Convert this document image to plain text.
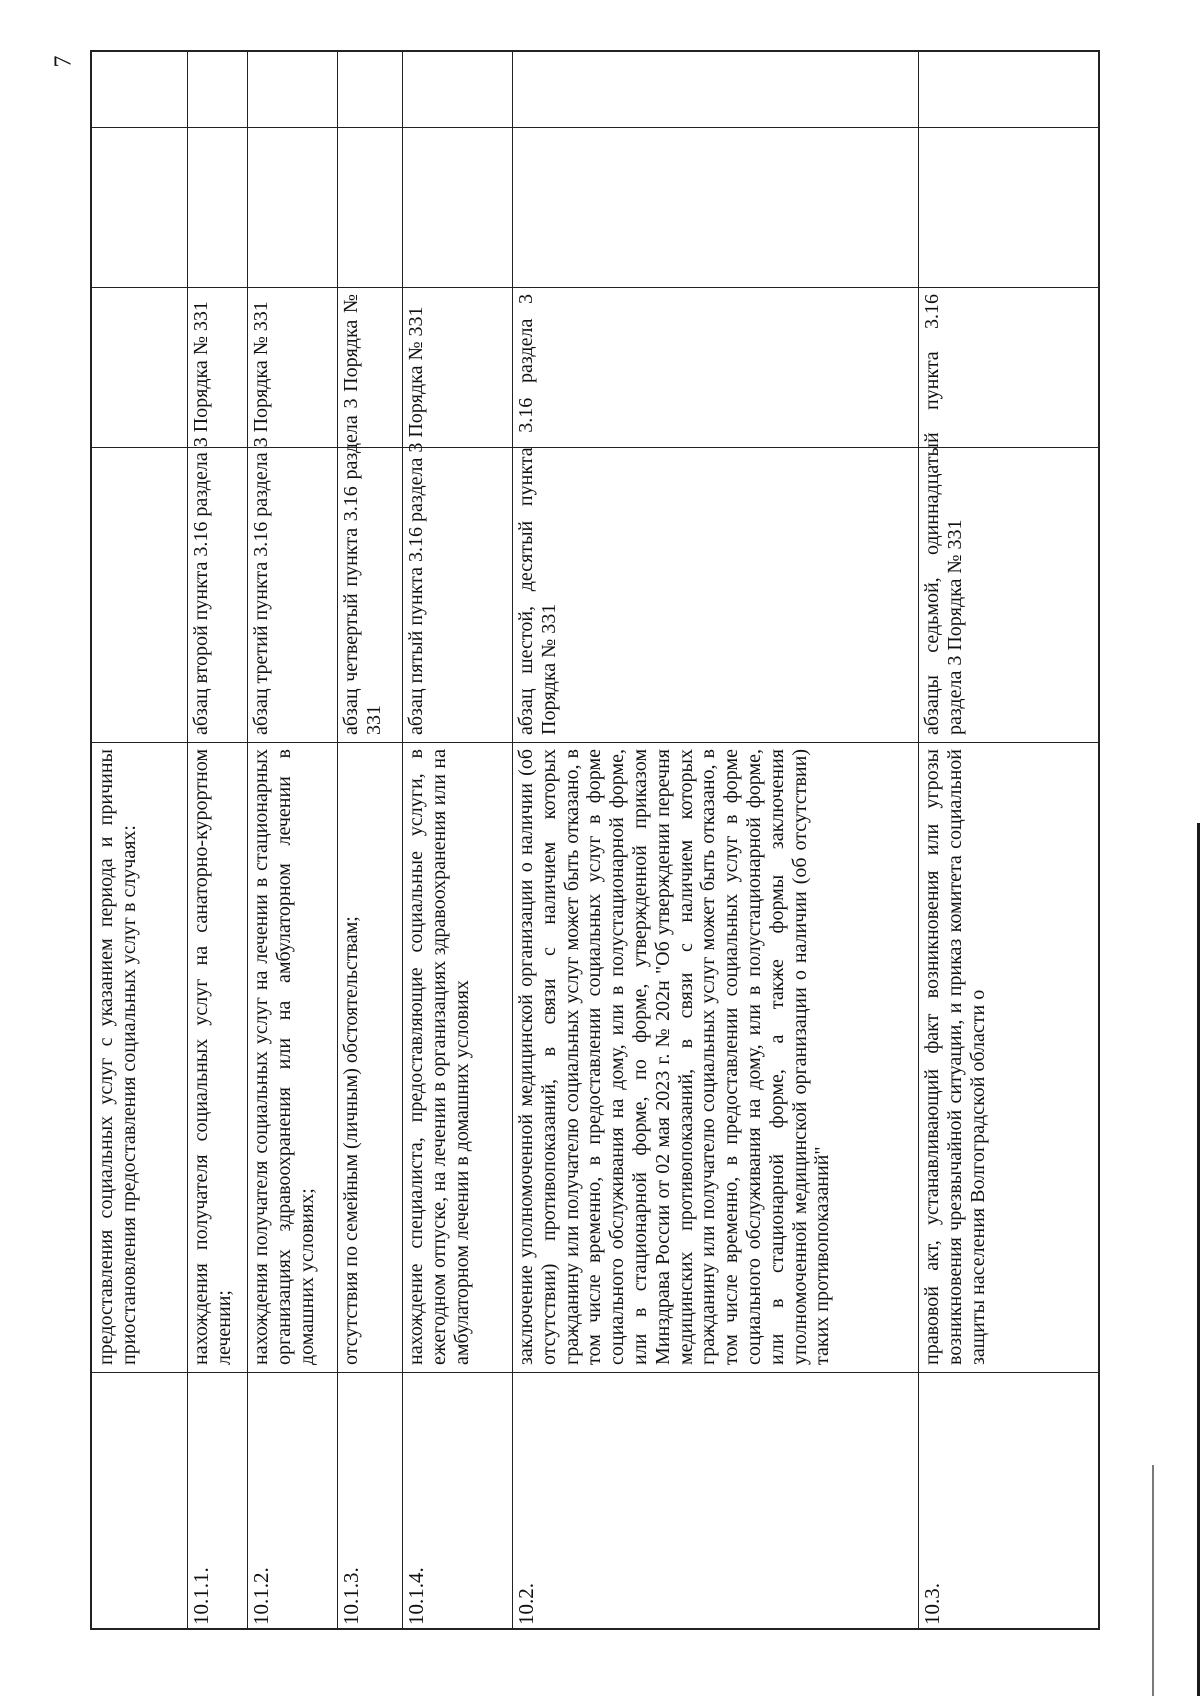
7
предоставления социальных услуг с указанием периода и причины приостановления предоставления социальных услуг в случаях:
10.1.1.
нахождения получателя социальных услуг на санаторно-курортном лечении;
абзац второй пункта 3.16 раздела 3 Порядка № 331
10.1.2.
нахождения получателя социальных услуг на лечении в стационарных организациях здравоохранения или на амбулаторном лечении в домашних условиях;
абзац третий пункта 3.16 раздела 3 Порядка № 331
10.1.3.
отсутствия по семейным (личным) обстоятельствам;
абзац четвертый пункта 3.16 раздела 3 Порядка № 331
10.1.4.
нахождение специалиста, предоставляющие социальные услуги, в ежегодном отпуске, на лечении в организациях здравоохранения или на амбулаторном лечении в домашних условиях
абзац пятый пункта 3.16 раздела 3 Порядка № 331
10.2.
заключение уполномоченной медицинской организации о наличии (об отсутствии) противопоказаний, в связи с наличием которых гражданину или получателю социальных услуг может быть отказано, в том числе временно, в предоставлении социальных услуг в форме социального обслуживания на дому, или в полустационарной форме, или в стационарной форме, по форме, утвержденной приказом Минздрава России от 02 мая 2023 г. № 202н "Об утверждении перечня медицинских противопоказаний, в связи с наличием которых гражданину или получателю социальных услуг может быть отказано, в том числе временно, в предоставлении социальных услуг в форме социального обслуживания на дому, или в полустационарной форме, или в стационарной форме, а также формы заключения уполномоченной медицинской организации о наличии (об отсутствии) таких противопоказаний"
абзац шестой, десятый пункта 3.16 раздела 3 Порядка № 331
10.3.
правовой акт, устанавливающий факт возникновения или угрозы возникновения чрезвычайной ситуации, и приказ комитета социальной защиты населения Волгоградской области о
абзацы седьмой, одиннадцатый пункта 3.16 раздела 3 Порядка № 331
